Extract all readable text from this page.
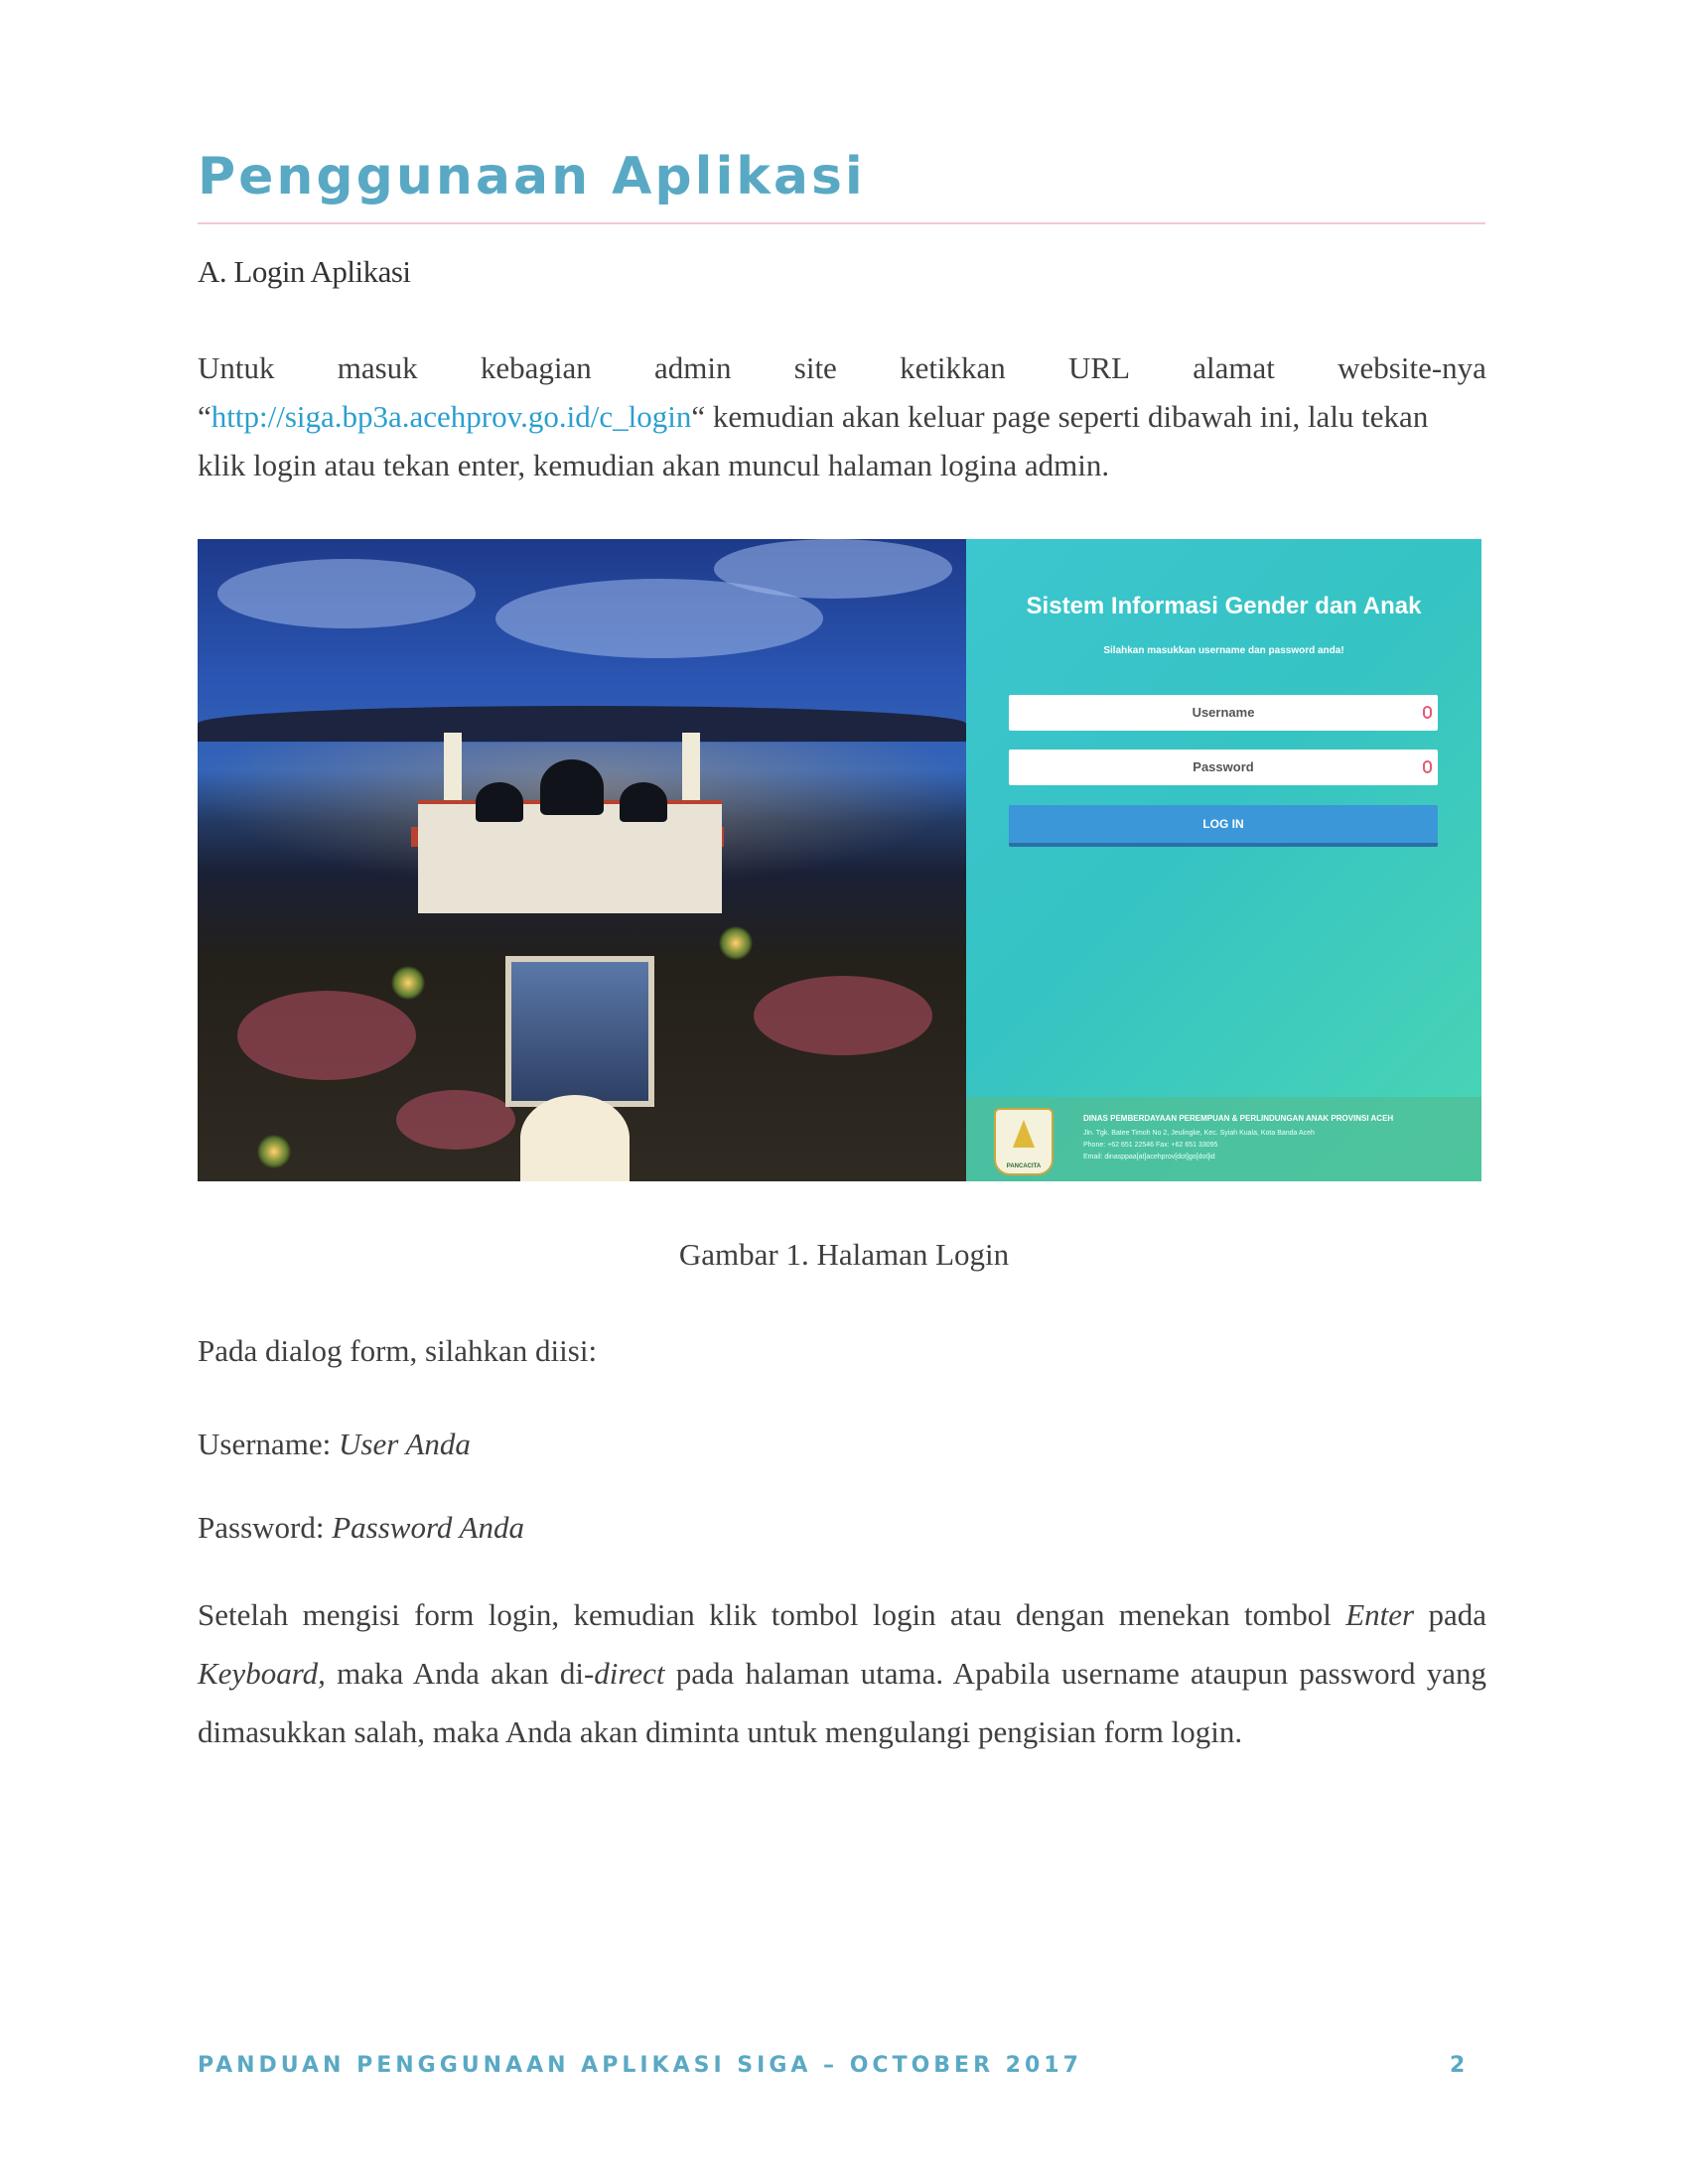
Penggunaan Aplikasi
A. Login Aplikasi
Untuk masuk kebagian admin site ketikkan URL alamat website-nya
“http://siga.bp3a.acehprov.go.id/c_login“ kemudian akan keluar page seperti dibawah ini, lalu tekan
klik login atau tekan enter, kemudian akan muncul halaman logina admin.
Sistem Informasi Gender dan Anak
Silahkan masukkan username dan password anda!
Username
Password
LOG IN
PANCACITA
DINAS PEMBERDAYAAN PEREMPUAN & PERLINDUNGAN ANAK PROVINSI ACEH
Jln. Tgk. Batee Timoh No 2, Jeulingke, Kec. Syiah Kuala, Kota Banda Aceh
Phone: +62 651 22546 Fax: +62 651 33095
Email: dinasppaa[at]acehprov[dot]go[dot]id
Gambar 1. Halaman Login
Pada dialog form, silahkan diisi:
Username: User Anda
Password: Password Anda
Setelah mengisi form login, kemudian klik tombol login atau dengan menekan tombol Enter pada Keyboard, maka Anda akan di-direct pada halaman utama. Apabila username ataupun password yang dimasukkan salah, maka Anda akan diminta untuk mengulangi pengisian form login.
PANDUAN PENGGUNAAN APLIKASI SIGA – OCTOBER 2017	2
